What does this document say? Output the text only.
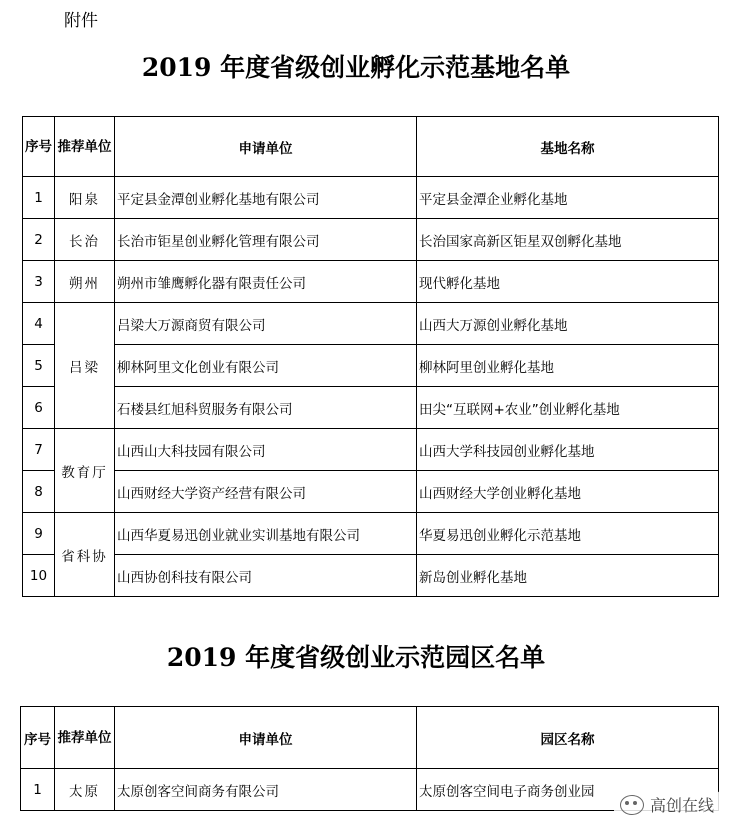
附件
2019 年度省级创业孵化示范基地名单
序号	推荐单位	申请单位	基地名称
1	阳泉	平定县金潭创业孵化基地有限公司	平定县金潭企业孵化基地
2	长治	长治市钜星创业孵化管理有限公司	长治国家高新区钜星双创孵化基地
3	朔州	朔州市雏鹰孵化器有限责任公司	现代孵化基地
4	吕梁	吕梁大万源商贸有限公司	山西大万源创业孵化基地
5		柳林阿里文化创业有限公司	柳林阿里创业孵化基地
6		石楼县红旭科贸服务有限公司	田尖“互联网+农业”创业孵化基地
7	教育厅	山西山大科技园有限公司	山西大学科技园创业孵化基地
8		山西财经大学资产经营有限公司	山西财经大学创业孵化基地
9	省科协	山西华夏易迅创业就业实训基地有限公司	华夏易迅创业孵化示范基地
10		山西协创科技有限公司	新岛创业孵化基地
2019 年度省级创业示范园区名单
序号	推荐单位	申请单位	园区名称
1	太原	太原创客空间商务有限公司	太原创客空间电子商务创业园
高创在线
